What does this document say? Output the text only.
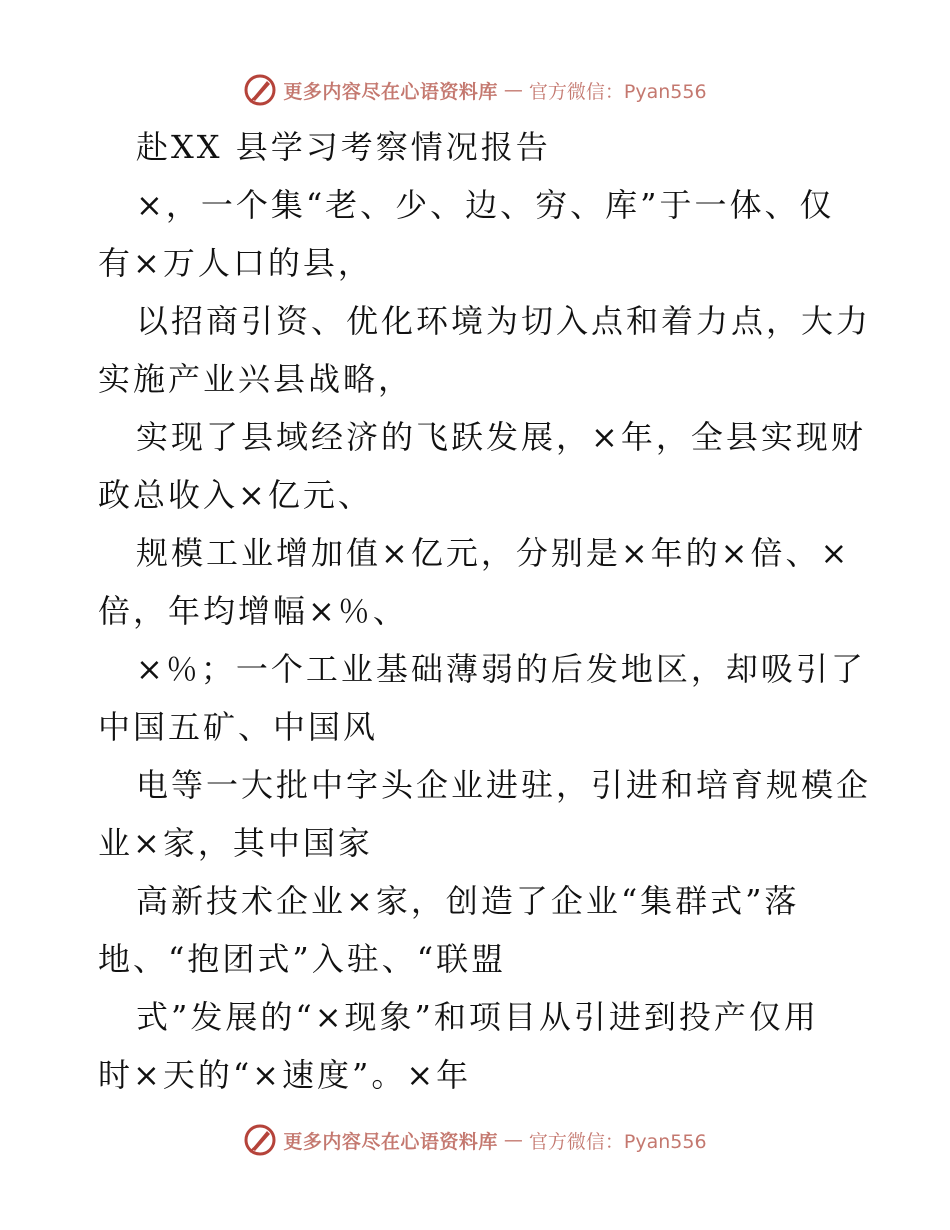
更多内容尽在心语资料库 — 官方微信：Pyan556
赴XX 县学习考察情况报告
×，一个集“老、少、边、穷、库”于一体、仅
有×万人口的县，
以招商引资、优化环境为切入点和着力点，大力
实施产业兴县战略，
实现了县域经济的飞跃发展，×年，全县实现财
政总收入×亿元、
规模工业增加值×亿元，分别是×年的×倍、×
倍，年均增幅×％、
×％；一个工业基础薄弱的后发地区，却吸引了
中国五矿、中国风
电等一大批中字头企业进驻，引进和培育规模企
业×家，其中国家
高新技术企业×家，创造了企业“集群式”落
地、“抱团式”入驻、“联盟
式”发展的“×现象”和项目从引进到投产仅用
时×天的“×速度”。×年
更多内容尽在心语资料库 — 官方微信：Pyan556
